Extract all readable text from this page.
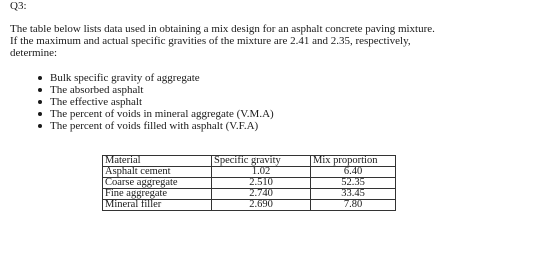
Q3:
The table below lists data used in obtaining a mix design for an asphalt concrete paving mixture.
If the maximum and actual specific gravities of the mixture are 2.41 and 2.35, respectively,
determine:
Bulk specific gravity of aggregate
The absorbed asphalt
The effective asphalt
The percent of voids in mineral aggregate (V.M.A)
The percent of voids filled with asphalt (V.F.A)
Material	Specific gravity	Mix proportion
Asphalt cement	1.02	6.40
Coarse aggregate	2.510	52.35
Fine aggregate	2.740	33.45
Mineral filler	2.690	7.80
